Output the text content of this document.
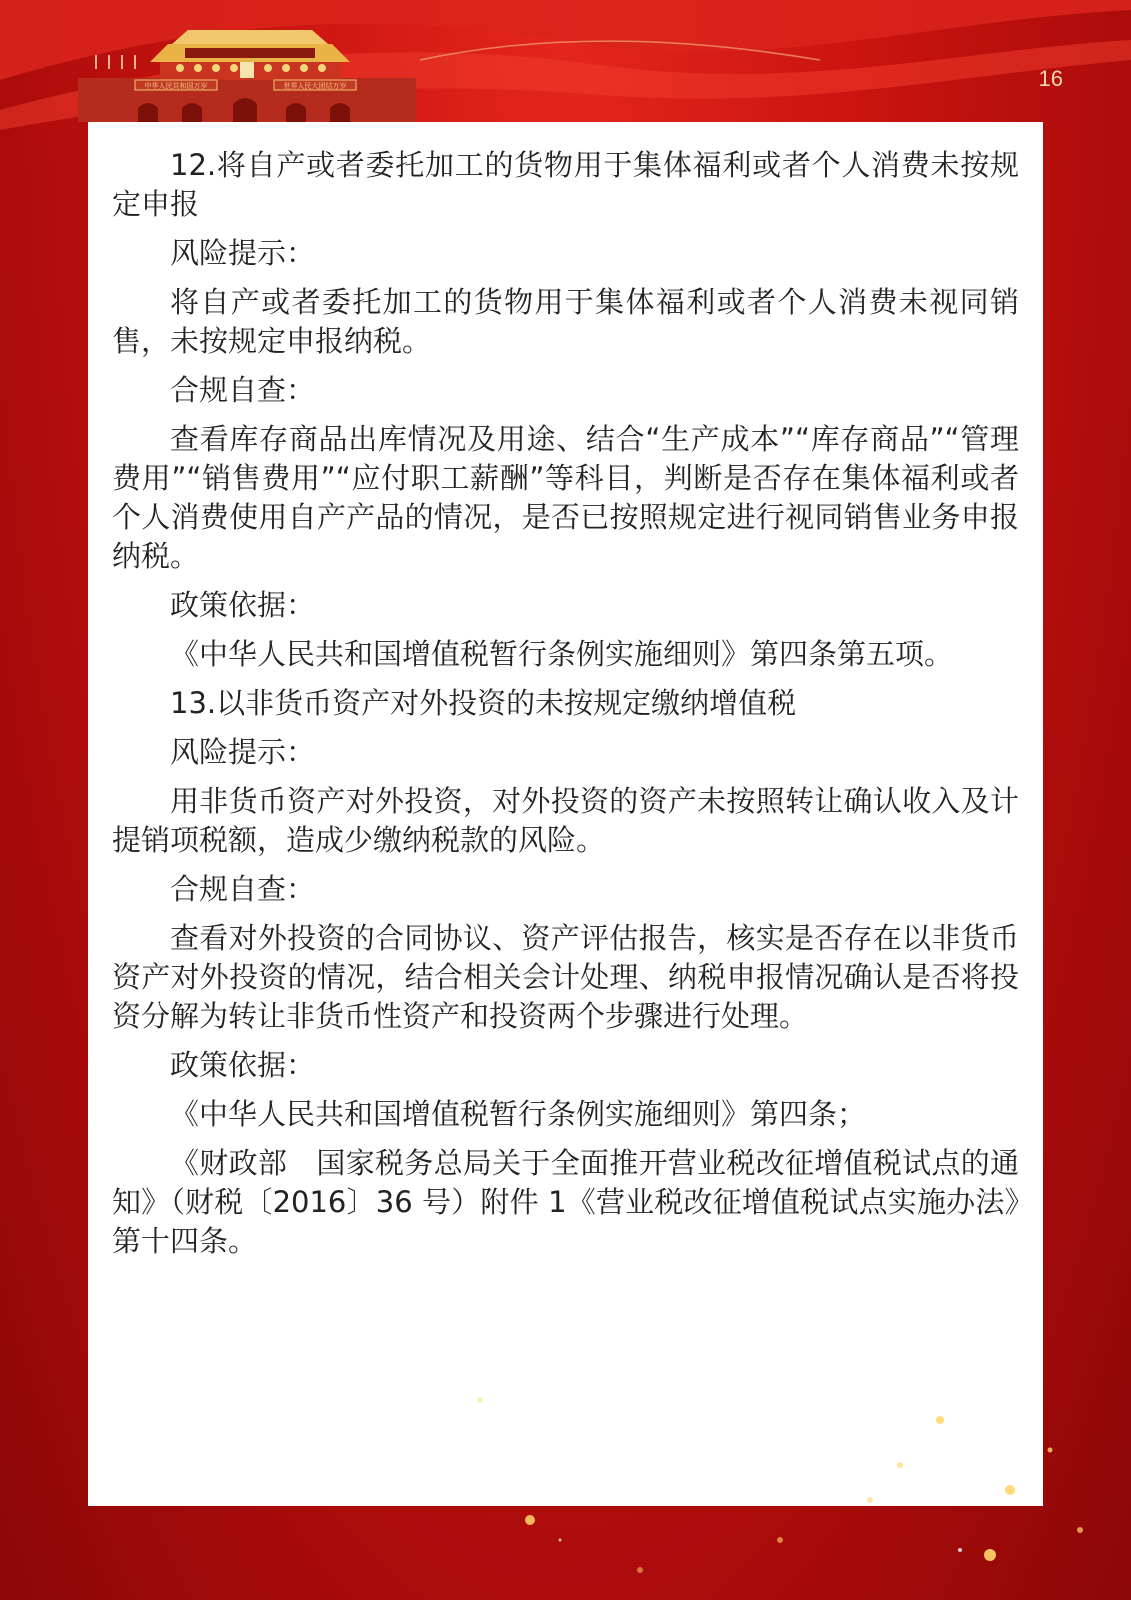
中华人民共和国万岁	世界人民大团结万岁	16

12.将自产或者委托加工的货物用于集体福利或者个人消费未按规定申报

风险提示：

将自产或者委托加工的货物用于集体福利或者个人消费未视同销售，未按规定申报纳税。

合规自查：

查看库存商品出库情况及用途、结合“生产成本”“库存商品”“管理费用”“销售费用”“应付职工薪酬”等科目，判断是否存在集体福利或者个人消费使用自产产品的情况，是否已按照规定进行视同销售业务申报纳税。

政策依据：

《中华人民共和国增值税暂行条例实施细则》第四条第五项。

13.以非货币资产对外投资的未按规定缴纳增值税

风险提示：

用非货币资产对外投资，对外投资的资产未按照转让确认收入及计提销项税额，造成少缴纳税款的风险。

合规自查：

查看对外投资的合同协议、资产评估报告，核实是否存在以非货币资产对外投资的情况，结合相关会计处理、纳税申报情况确认是否将投资分解为转让非货币性资产和投资两个步骤进行处理。

政策依据：

《中华人民共和国增值税暂行条例实施细则》第四条；

《财政部　国家税务总局关于全面推开营业税改征增值税试点的通知》（财税〔2016〕36 号）附件 1《营业税改征增值税试点实施办法》第十四条。
